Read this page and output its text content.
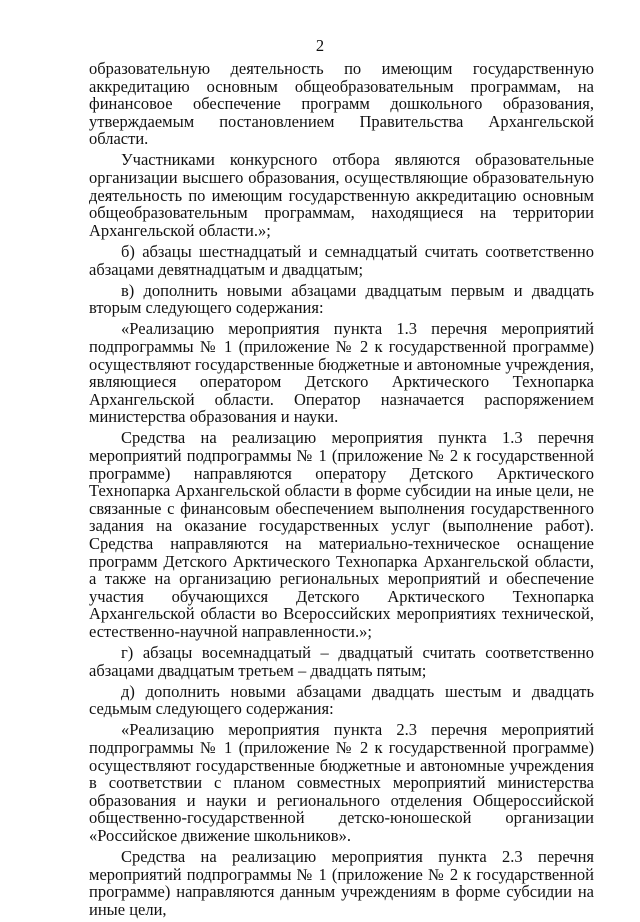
2

образовательную деятельность по имеющим государственную аккредитацию основным общеобразовательным программам, на финансовое обеспечение программ дошкольного образования, утверждаемым постановлением Правительства Архангельской области.

Участниками конкурсного отбора являются образовательные организации высшего образования, осуществляющие образовательную деятельность по имеющим государственную аккредитацию основным общеобразовательным программам, находящиеся на территории Архангельской области.»;

б) абзацы шестнадцатый и семнадцатый считать соответственно абзацами девятнадцатым и двадцатым;

в) дополнить новыми абзацами двадцатым первым и двадцать вторым следующего содержания:

«Реализацию мероприятия пункта 1.3 перечня мероприятий подпрограммы № 1 (приложение № 2 к государственной программе) осуществляют государственные бюджетные и автономные учреждения, являющиеся оператором Детского Арктического Технопарка Архангельской области. Оператор назначается распоряжением министерства образования и науки.

Средства на реализацию мероприятия пункта 1.3 перечня мероприятий подпрограммы № 1 (приложение № 2 к государственной программе) направляются оператору Детского Арктического Технопарка Архангельской области в форме субсидии на иные цели, не связанные с финансовым обеспечением выполнения государственного задания на оказание государственных услуг (выполнение работ). Средства направляются на материально-техническое оснащение программ Детского Арктического Технопарка Архангельской области, а также на организацию региональных мероприятий и обеспечение участия обучающихся Детского Арктического Технопарка Архангельской области во Всероссийских мероприятиях технической, естественно-научной направленности.»;

г) абзацы восемнадцатый – двадцатый считать соответственно абзацами двадцатым третьем – двадцать пятым;

д) дополнить новыми абзацами двадцать шестым и двадцать седьмым следующего содержания:

«Реализацию мероприятия пункта 2.3 перечня мероприятий подпрограммы № 1 (приложение № 2 к государственной программе) осуществляют государственные бюджетные и автономные учреждения в соответствии с планом совместных мероприятий министерства образования и науки и регионального отделения Общероссийской общественно-государственной детско-юношеской организации «Российское движение школьников».

Средства на реализацию мероприятия пункта 2.3 перечня мероприятий подпрограммы № 1 (приложение № 2 к государственной программе) направляются данным учреждениям в форме субсидии на иные цели,
